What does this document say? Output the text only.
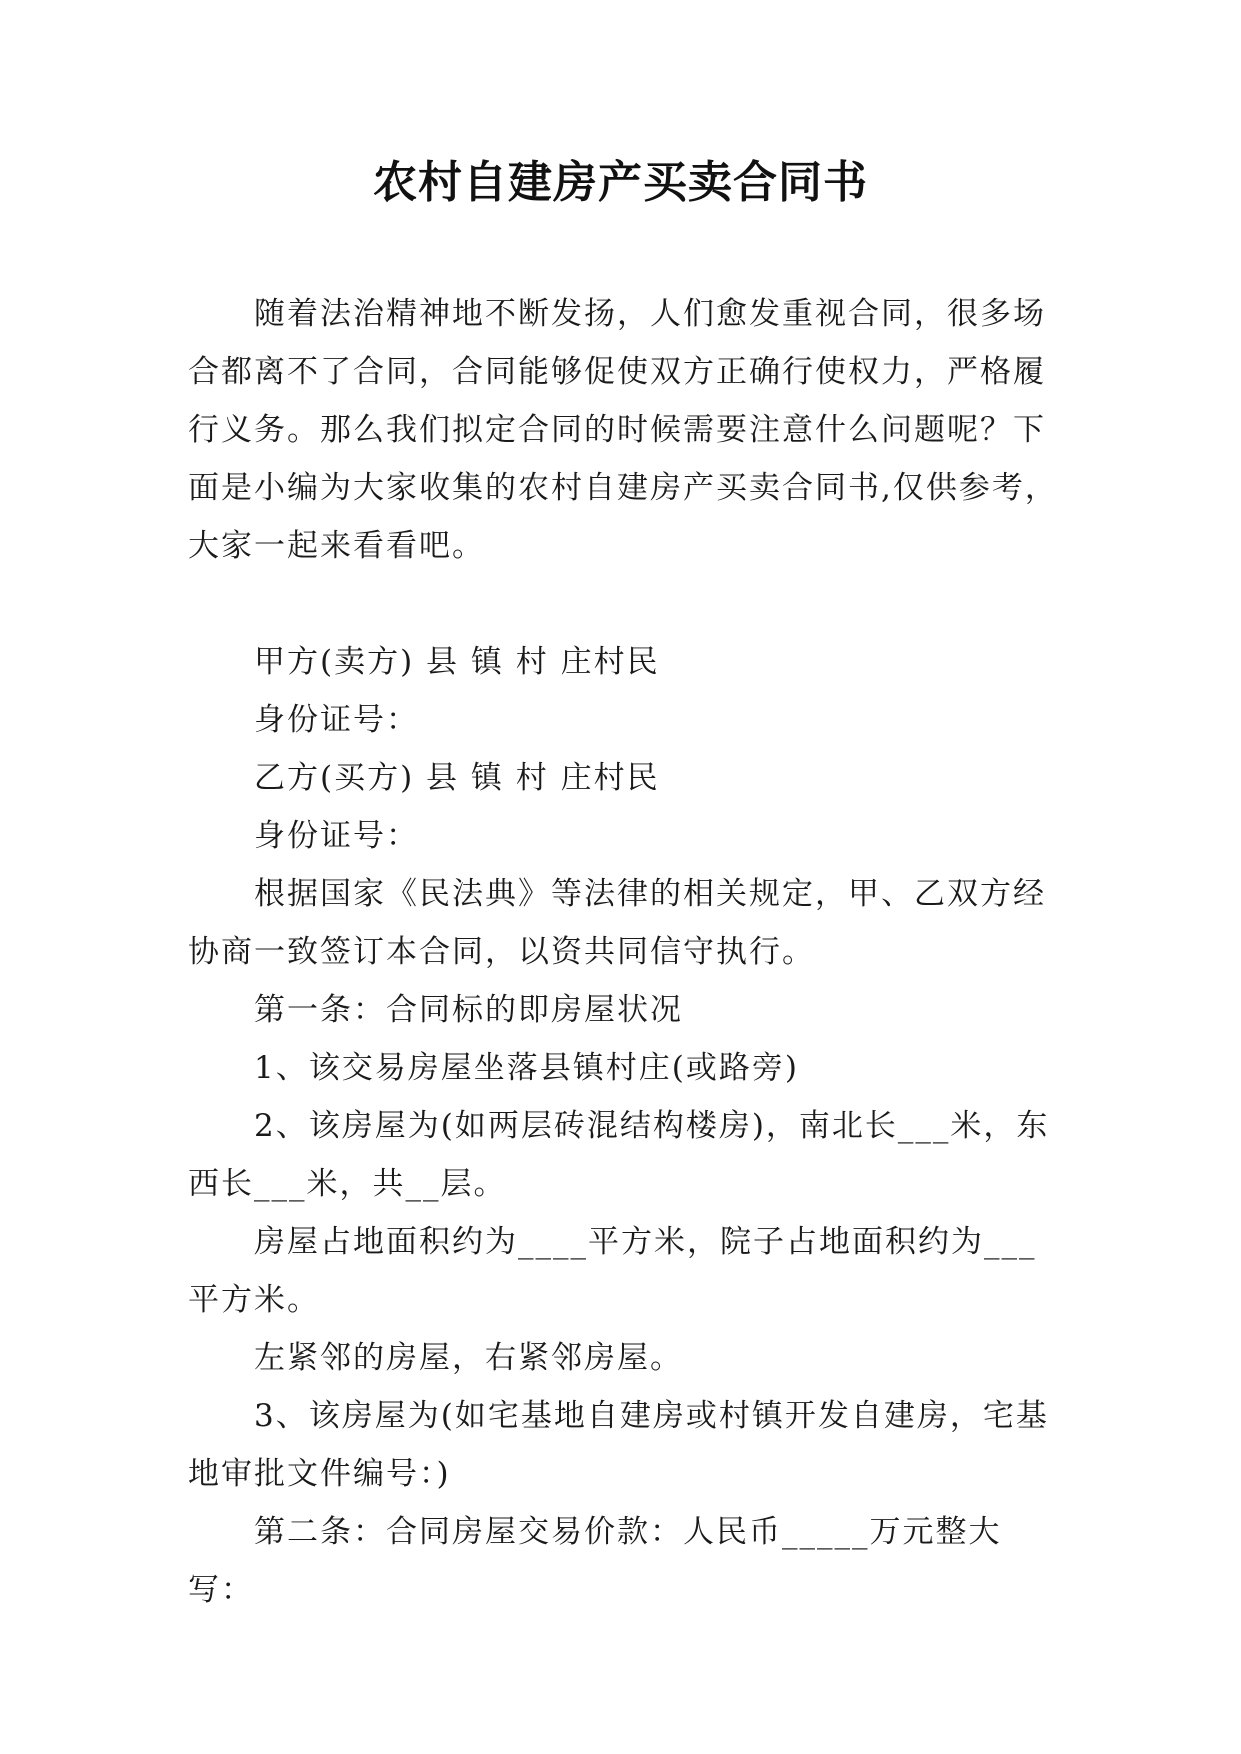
农村自建房产买卖合同书

随着法治精神地不断发扬，人们愈发重视合同，很多场合都离不了合同，合同能够促使双方正确行使权力，严格履行义务。那么我们拟定合同的时候需要注意什么问题呢？下面是小编为大家收集的农村自建房产买卖合同书,仅供参考，大家一起来看看吧。

甲方(卖方) 县 镇 村 庄村民

身份证号：

乙方(买方) 县 镇 村 庄村民

身份证号：

根据国家《民法典》等法律的相关规定，甲、乙双方经协商一致签订本合同，以资共同信守执行。

第一条：合同标的即房屋状况

1、该交易房屋坐落县镇村庄(或路旁)

2、该房屋为(如两层砖混结构楼房)，南北长___米，东西长___米，共__层。

房屋占地面积约为____平方米，院子占地面积约为___平方米。

左紧邻的房屋，右紧邻房屋。

3、该房屋为(如宅基地自建房或村镇开发自建房，宅基地审批文件编号：)

第二条：合同房屋交易价款：人民币_____万元整大写：
